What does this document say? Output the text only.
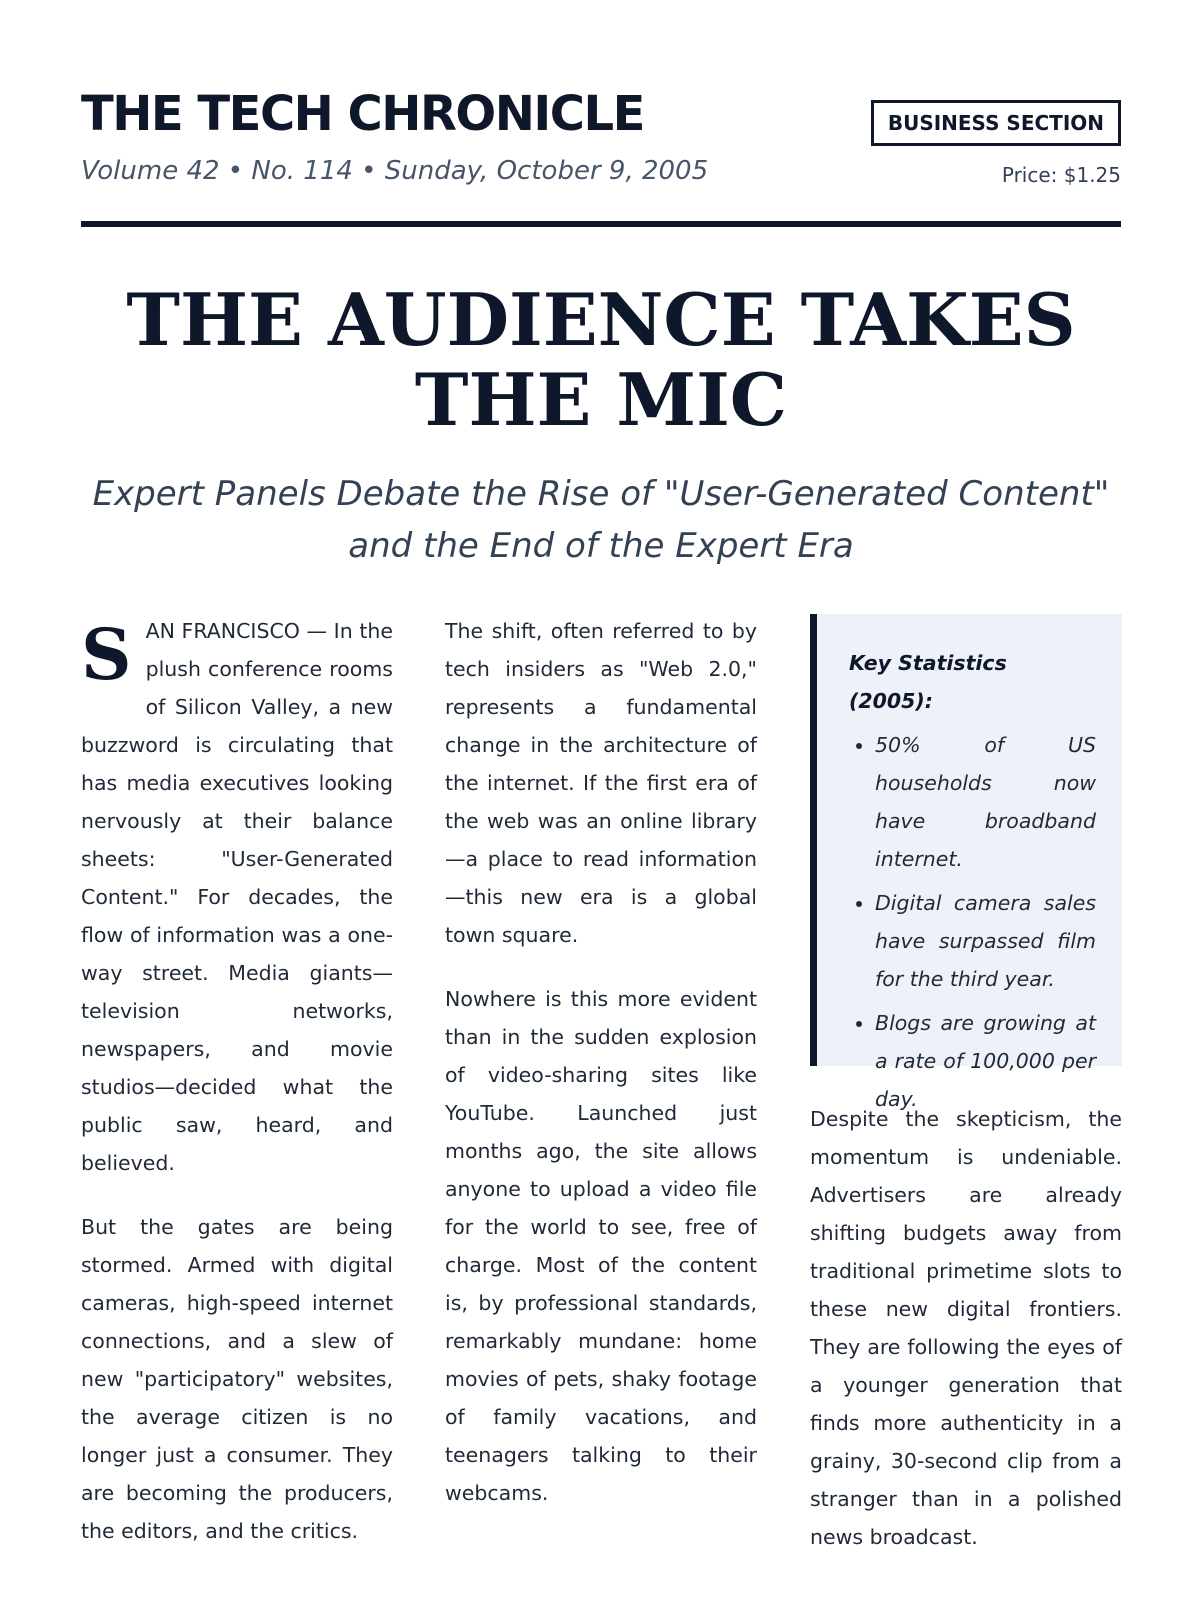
THE TECH CHRONICLE
Volume 42 • No. 114 • Sunday, October 9, 2005
BUSINESS SECTION
Price: $1.25
THE AUDIENCE TAKES THE MIC
Expert Panels Debate the Rise of "User-Generated Content" and the End of the Expert Era

SAN FRANCISCO — In the plush conference rooms of Silicon Valley, a new buzzword is circulating that has media executives looking nervously at their balance sheets: "User-Generated Content." For decades, the flow of information was a one-way street. Media giants—television networks, newspapers, and movie studios—decided what the public saw, heard, and believed.

But the gates are being stormed. Armed with digital cameras, high-speed internet connections, and a slew of new "participatory" websites, the average citizen is no longer just a consumer. They are becoming the producers, the editors, and the critics.

The shift, often referred to by tech insiders as "Web 2.0," represents a fundamental change in the architecture of the internet. If the first era of the web was an online library—a place to read information—this new era is a global town square.

Nowhere is this more evident than in the sudden explosion of video-sharing sites like YouTube. Launched just months ago, the site allows anyone to upload a video file for the world to see, free of charge. Most of the content is, by professional standards, remarkably mundane: home movies of pets, shaky footage of family vacations, and teenagers talking to their webcams.

Key Statistics (2005):
• 50% of US households now have broadband internet.
• Digital camera sales have surpassed film for the third year.
• Blogs are growing at a rate of 100,000 per day.

Despite the skepticism, the momentum is undeniable. Advertisers are already shifting budgets away from traditional primetime slots to these new digital frontiers. They are following the eyes of a younger generation that finds more authenticity in a grainy, 30-second clip from a stranger than in a polished news broadcast.
